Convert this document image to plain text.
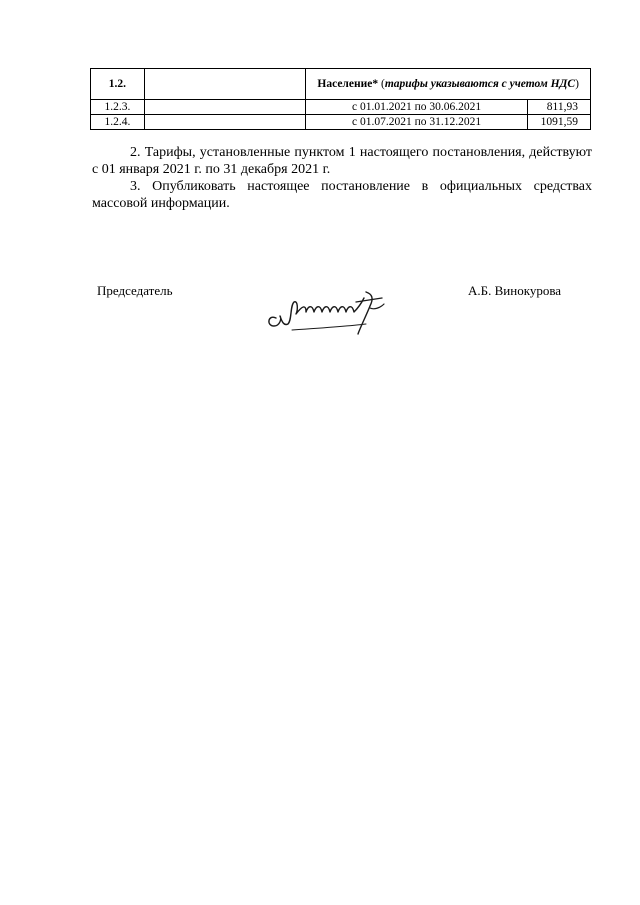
1.2.		Население* (тарифы указываются с учетом НДС)	
1.2.3.		с 01.01.2021 по 30.06.2021	811,93
1.2.4.		с 01.07.2021 по 31.12.2021	1091,59

2. Тарифы, установленные пунктом 1 настоящего постановления, действуют с 01 января 2021 г. по 31 декабря 2021 г.

3. Опубликовать настоящее постановление в официальных средствах массовой информации.

Председатель	А.Б. Винокурова
